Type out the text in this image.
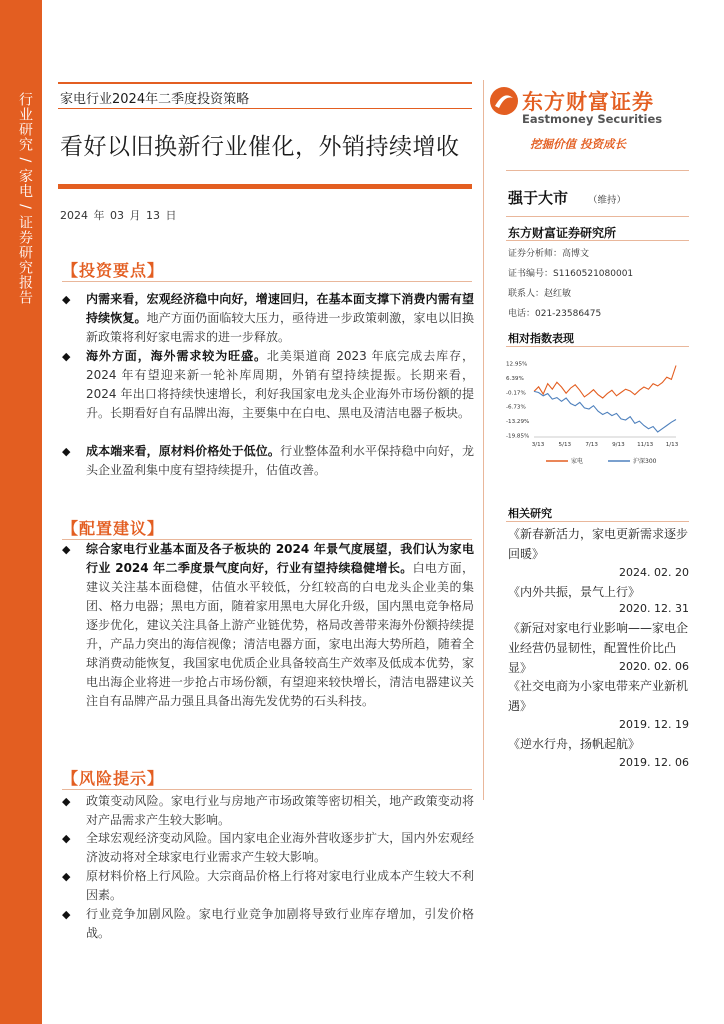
行业研究 / 家电 / 证券研究报告 家电行业2024年二季度投资策略
看好以旧换新行业催化，外销持续增收
2024 年 03 月 13 日
【投资要点】
◆ 内需来看，宏观经济稳中向好，增速回归，在基本面支撑下消费内需有望持续恢复。地产方面仍面临较大压力，亟待进一步政策刺激，家电以旧换新政策将利好家电需求的进一步释放。
◆ 海外方面，海外需求较为旺盛。北美渠道商 2023 年底完成去库存，2024 年有望迎来新一轮补库周期，外销有望持续提振。长期来看，2024 年出口将持续快速增长，利好我国家电龙头企业海外市场份额的提升。长期看好自有品牌出海，主要集中在白电、黑电及清洁电器子板块。
◆ 成本端来看，原材料价格处于低位。行业整体盈利水平保持稳中向好，龙头企业盈利集中度有望持续提升，估值改善。
【配置建议】
◆ 综合家电行业基本面及各子板块的 2024 年景气度展望，我们认为家电行业 2024 年二季度景气度向好，行业有望持续稳健增长。白电方面，建议关注基本面稳健，估值水平较低，分红较高的白电龙头企业美的集团、格力电器；黑电方面，随着家用黑电大屏化升级，国内黑电竞争格局逐步优化，建议关注具备上游产业链优势，格局改善带来海外份额持续提升，产品力突出的海信视像；清洁电器方面，家电出海大势所趋，随着全球消费动能恢复，我国家电优质企业具备较高生产效率及低成本优势，家电出海企业将进一步抢占市场份额，有望迎来较快增长，清洁电器建议关注自有品牌产品力强且具备出海先发优势的石头科技。
【风险提示】
◆ 政策变动风险。家电行业与房地产市场政策等密切相关，地产政策变动将对产品需求产生较大影响。
◆ 全球宏观经济变动风险。国内家电企业海外营收逐步扩大，国内外宏观经济波动将对全球家电行业需求产生较大影响。
◆ 原材料价格上行风险。大宗商品价格上行将对家电行业成本产生较大不利因素。
◆ 行业竞争加剧风险。家电行业竞争加剧将导致行业库存增加，引发价格战。
东方财富证券
Eastmoney Securities
挖掘价值 投资成长
强于大市 （维持）
东方财富证券研究所
证券分析师：高博文
证书编号：S1160521080001
联系人：赵红敏
电话：021-23586475
相对指数表现
12.95%
6.39%
-0.17%
-6.73%
-13.29%
-19.85%
3/13	5/13	7/13	9/13 11/13 1/13
家电	沪深300
相关研究
《新春新活力，家电更新需求逐步回暖》
2024. 02. 20
《内外共振，景气上行》
2020. 12. 31
《新冠对家电行业影响——家电企业经营仍显韧性，配置性价比凸显》	2020. 02. 06
《社交电商为小家电带来产业新机遇》
2019. 12. 19
《逆水行舟，扬帆起航》
2019. 12. 06
